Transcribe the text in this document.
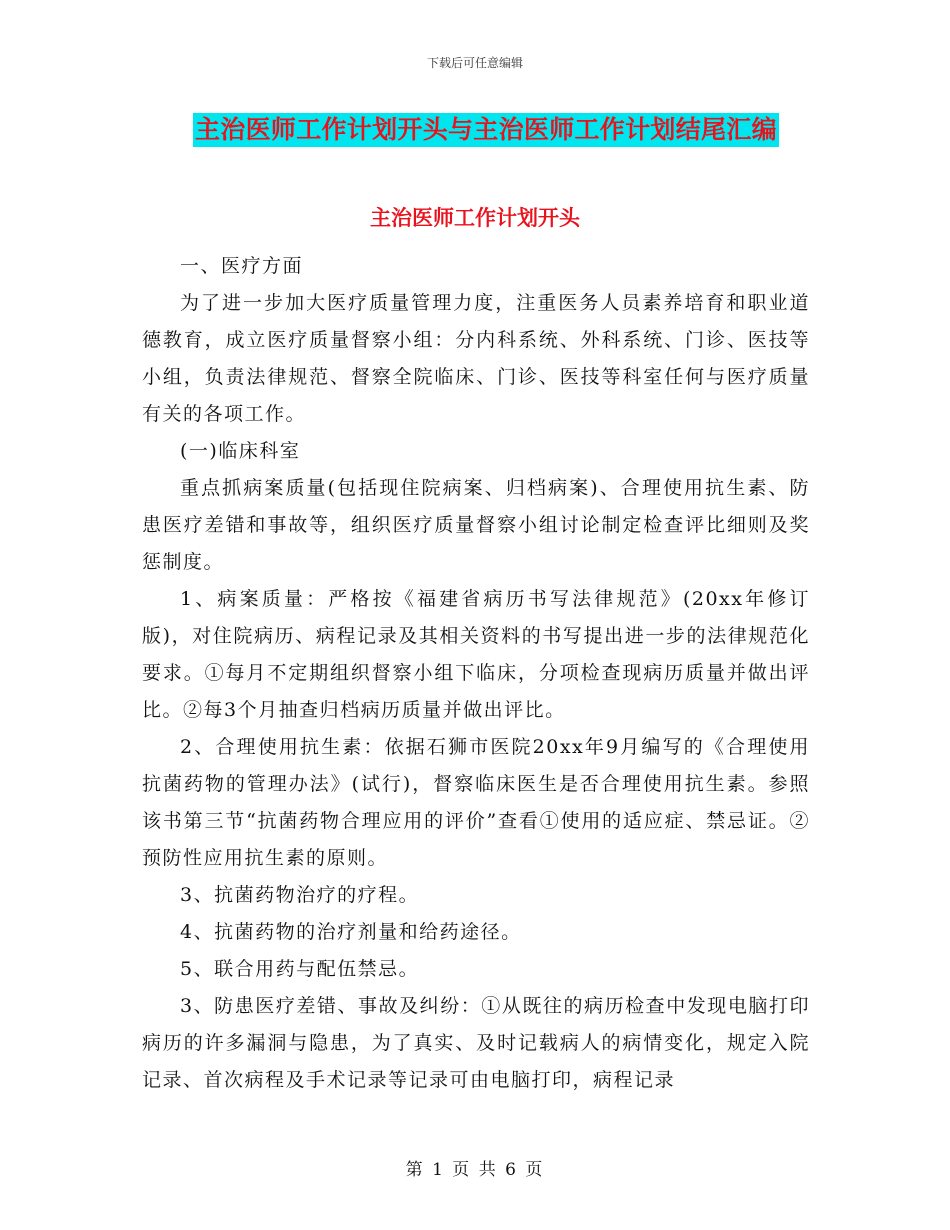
下载后可任意编辑
主治医师工作计划开头与主治医师工作计划结尾汇编
主治医师工作计划开头

一、医疗方面

为了进一步加大医疗质量管理力度，注重医务人员素养培育和职业道德教育，成立医疗质量督察小组：分内科系统、外科系统、门诊、医技等小组，负责法律规范、督察全院临床、门诊、医技等科室任何与医疗质量有关的各项工作。

(一)临床科室

重点抓病案质量(包括现住院病案、归档病案)、合理使用抗生素、防患医疗差错和事故等，组织医疗质量督察小组讨论制定检查评比细则及奖惩制度。

1、病案质量：严格按《福建省病历书写法律规范》(20xx年修订版)，对住院病历、病程记录及其相关资料的书写提出进一步的法律规范化要求。①每月不定期组织督察小组下临床，分项检查现病历质量并做出评比。②每3个月抽查归档病历质量并做出评比。

2、合理使用抗生素：依据石狮市医院20xx年9月编写的《合理使用抗菌药物的管理办法》(试行)，督察临床医生是否合理使用抗生素。参照该书第三节“抗菌药物合理应用的评价”查看①使用的适应症、禁忌证。②预防性应用抗生素的原则。

3、抗菌药物治疗的疗程。

4、抗菌药物的治疗剂量和给药途径。

5、联合用药与配伍禁忌。

3、防患医疗差错、事故及纠纷：①从既往的病历检查中发现电脑打印病历的许多漏洞与隐患，为了真实、及时记载病人的病情变化，规定入院记录、首次病程及手术记录等记录可由电脑打印，病程记录

第 1 页 共 6 页
